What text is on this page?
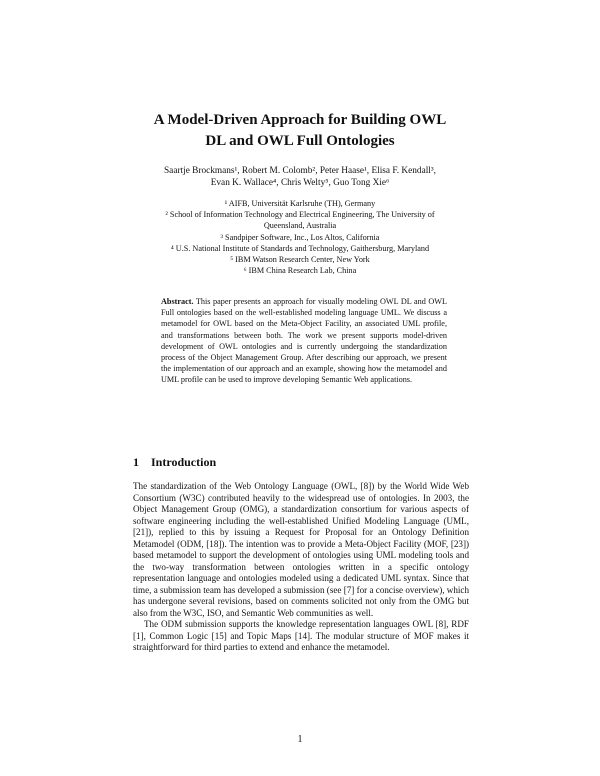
A Model-Driven Approach for Building OWL
DL and OWL Full Ontologies
Saartje Brockmans¹, Robert M. Colomb², Peter Haase¹, Elisa F. Kendall³,
Evan K. Wallace⁴, Chris Welty⁵, Guo Tong Xie⁶
¹ AIFB, Universität Karlsruhe (TH), Germany
² School of Information Technology and Electrical Engineering, The University of
Queensland, Australia
³ Sandpiper Software, Inc., Los Altos, California
⁴ U.S. National Institute of Standards and Technology, Gaithersburg, Maryland
⁵ IBM Watson Research Center, New York
⁶ IBM China Research Lab, China
Abstract. This paper presents an approach for visually modeling OWL DL and OWL Full ontologies based on the well-established modeling language UML. We discuss a metamodel for OWL based on the Meta-Object Facility, an associated UML profile, and transformations between both. The work we present supports model-driven development of OWL ontologies and is currently undergoing the standardization process of the Object Management Group. After describing our approach, we present the implementation of our approach and an example, showing how the metamodel and UML profile can be used to improve developing Semantic Web applications.
1 Introduction

The standardization of the Web Ontology Language (OWL, [8]) by the World Wide Web Consortium (W3C) contributed heavily to the widespread use of ontologies. In 2003, the Object Management Group (OMG), a standardization consortium for various aspects of software engineering including the well-established Unified Modeling Language (UML, [21]), replied to this by issuing a Request for Proposal for an Ontology Definition Metamodel (ODM, [18]). The intention was to provide a Meta-Object Facility (MOF, [23]) based metamodel to support the development of ontologies using UML modeling tools and the two-way transformation between ontologies written in a specific ontology representation language and ontologies modeled using a dedicated UML syntax. Since that time, a submission team has developed a submission (see [7] for a concise overview), which has undergone several revisions, based on comments solicited not only from the OMG but also from the W3C, ISO, and Semantic Web communities as well.

The ODM submission supports the knowledge representation languages OWL [8], RDF [1], Common Logic [15] and Topic Maps [14]. The modular structure of MOF makes it straightforward for third parties to extend and enhance the metamodel.

1
